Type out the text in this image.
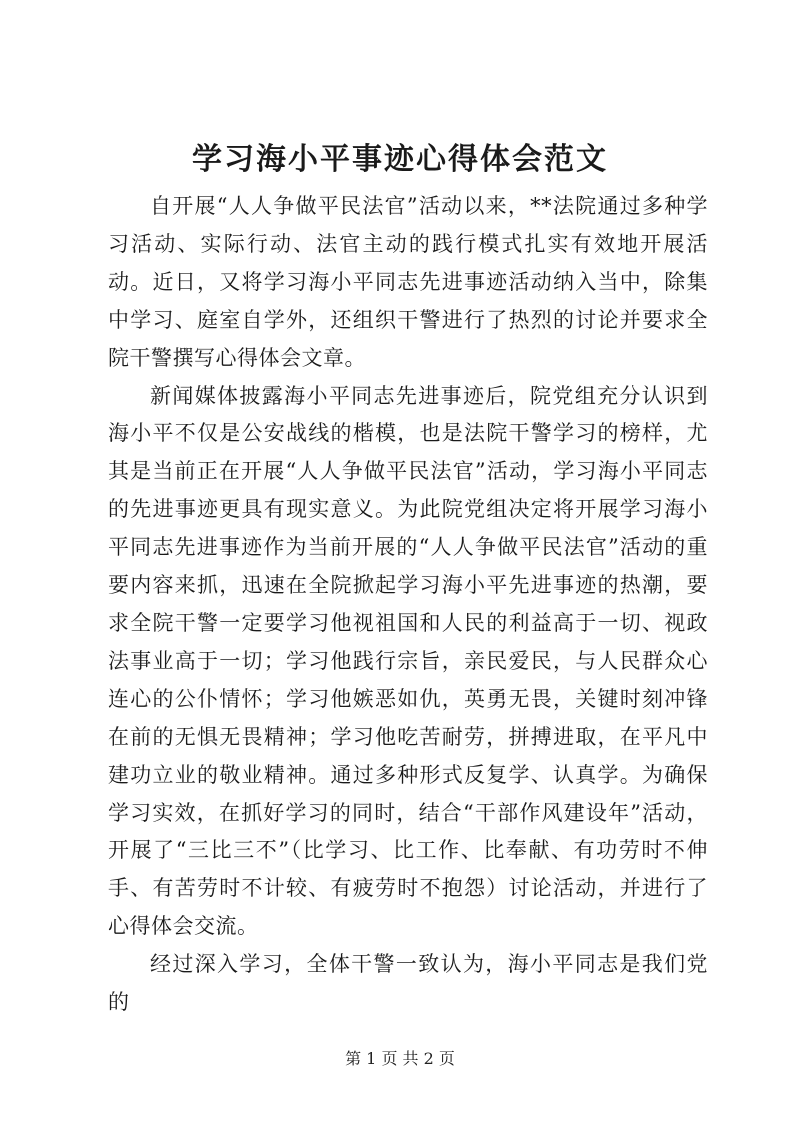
学习海小平事迹心得体会范文

自开展“人人争做平民法官”活动以来，**法院通过多种学习活动、实际行动、法官主动的践行模式扎实有效地开展活动。近日，又将学习海小平同志先进事迹活动纳入当中，除集中学习、庭室自学外，还组织干警进行了热烈的讨论并要求全院干警撰写心得体会文章。

新闻媒体披露海小平同志先进事迹后，院党组充分认识到海小平不仅是公安战线的楷模，也是法院干警学习的榜样，尤其是当前正在开展“人人争做平民法官”活动，学习海小平同志的先进事迹更具有现实意义。为此院党组决定将开展学习海小平同志先进事迹作为当前开展的“人人争做平民法官”活动的重要内容来抓，迅速在全院掀起学习海小平先进事迹的热潮，要求全院干警一定要学习他视祖国和人民的利益高于一切、视政法事业高于一切；学习他践行宗旨，亲民爱民，与人民群众心连心的公仆情怀；学习他嫉恶如仇，英勇无畏，关键时刻冲锋在前的无惧无畏精神；学习他吃苦耐劳，拼搏进取，在平凡中建功立业的敬业精神。通过多种形式反复学、认真学。为确保学习实效，在抓好学习的同时，结合“干部作风建设年”活动，开展了“三比三不”（比学习、比工作、比奉献、有功劳时不伸手、有苦劳时不计较、有疲劳时不抱怨）讨论活动，并进行了心得体会交流。

经过深入学习，全体干警一致认为，海小平同志是我们党的

第 1 页 共 2 页
